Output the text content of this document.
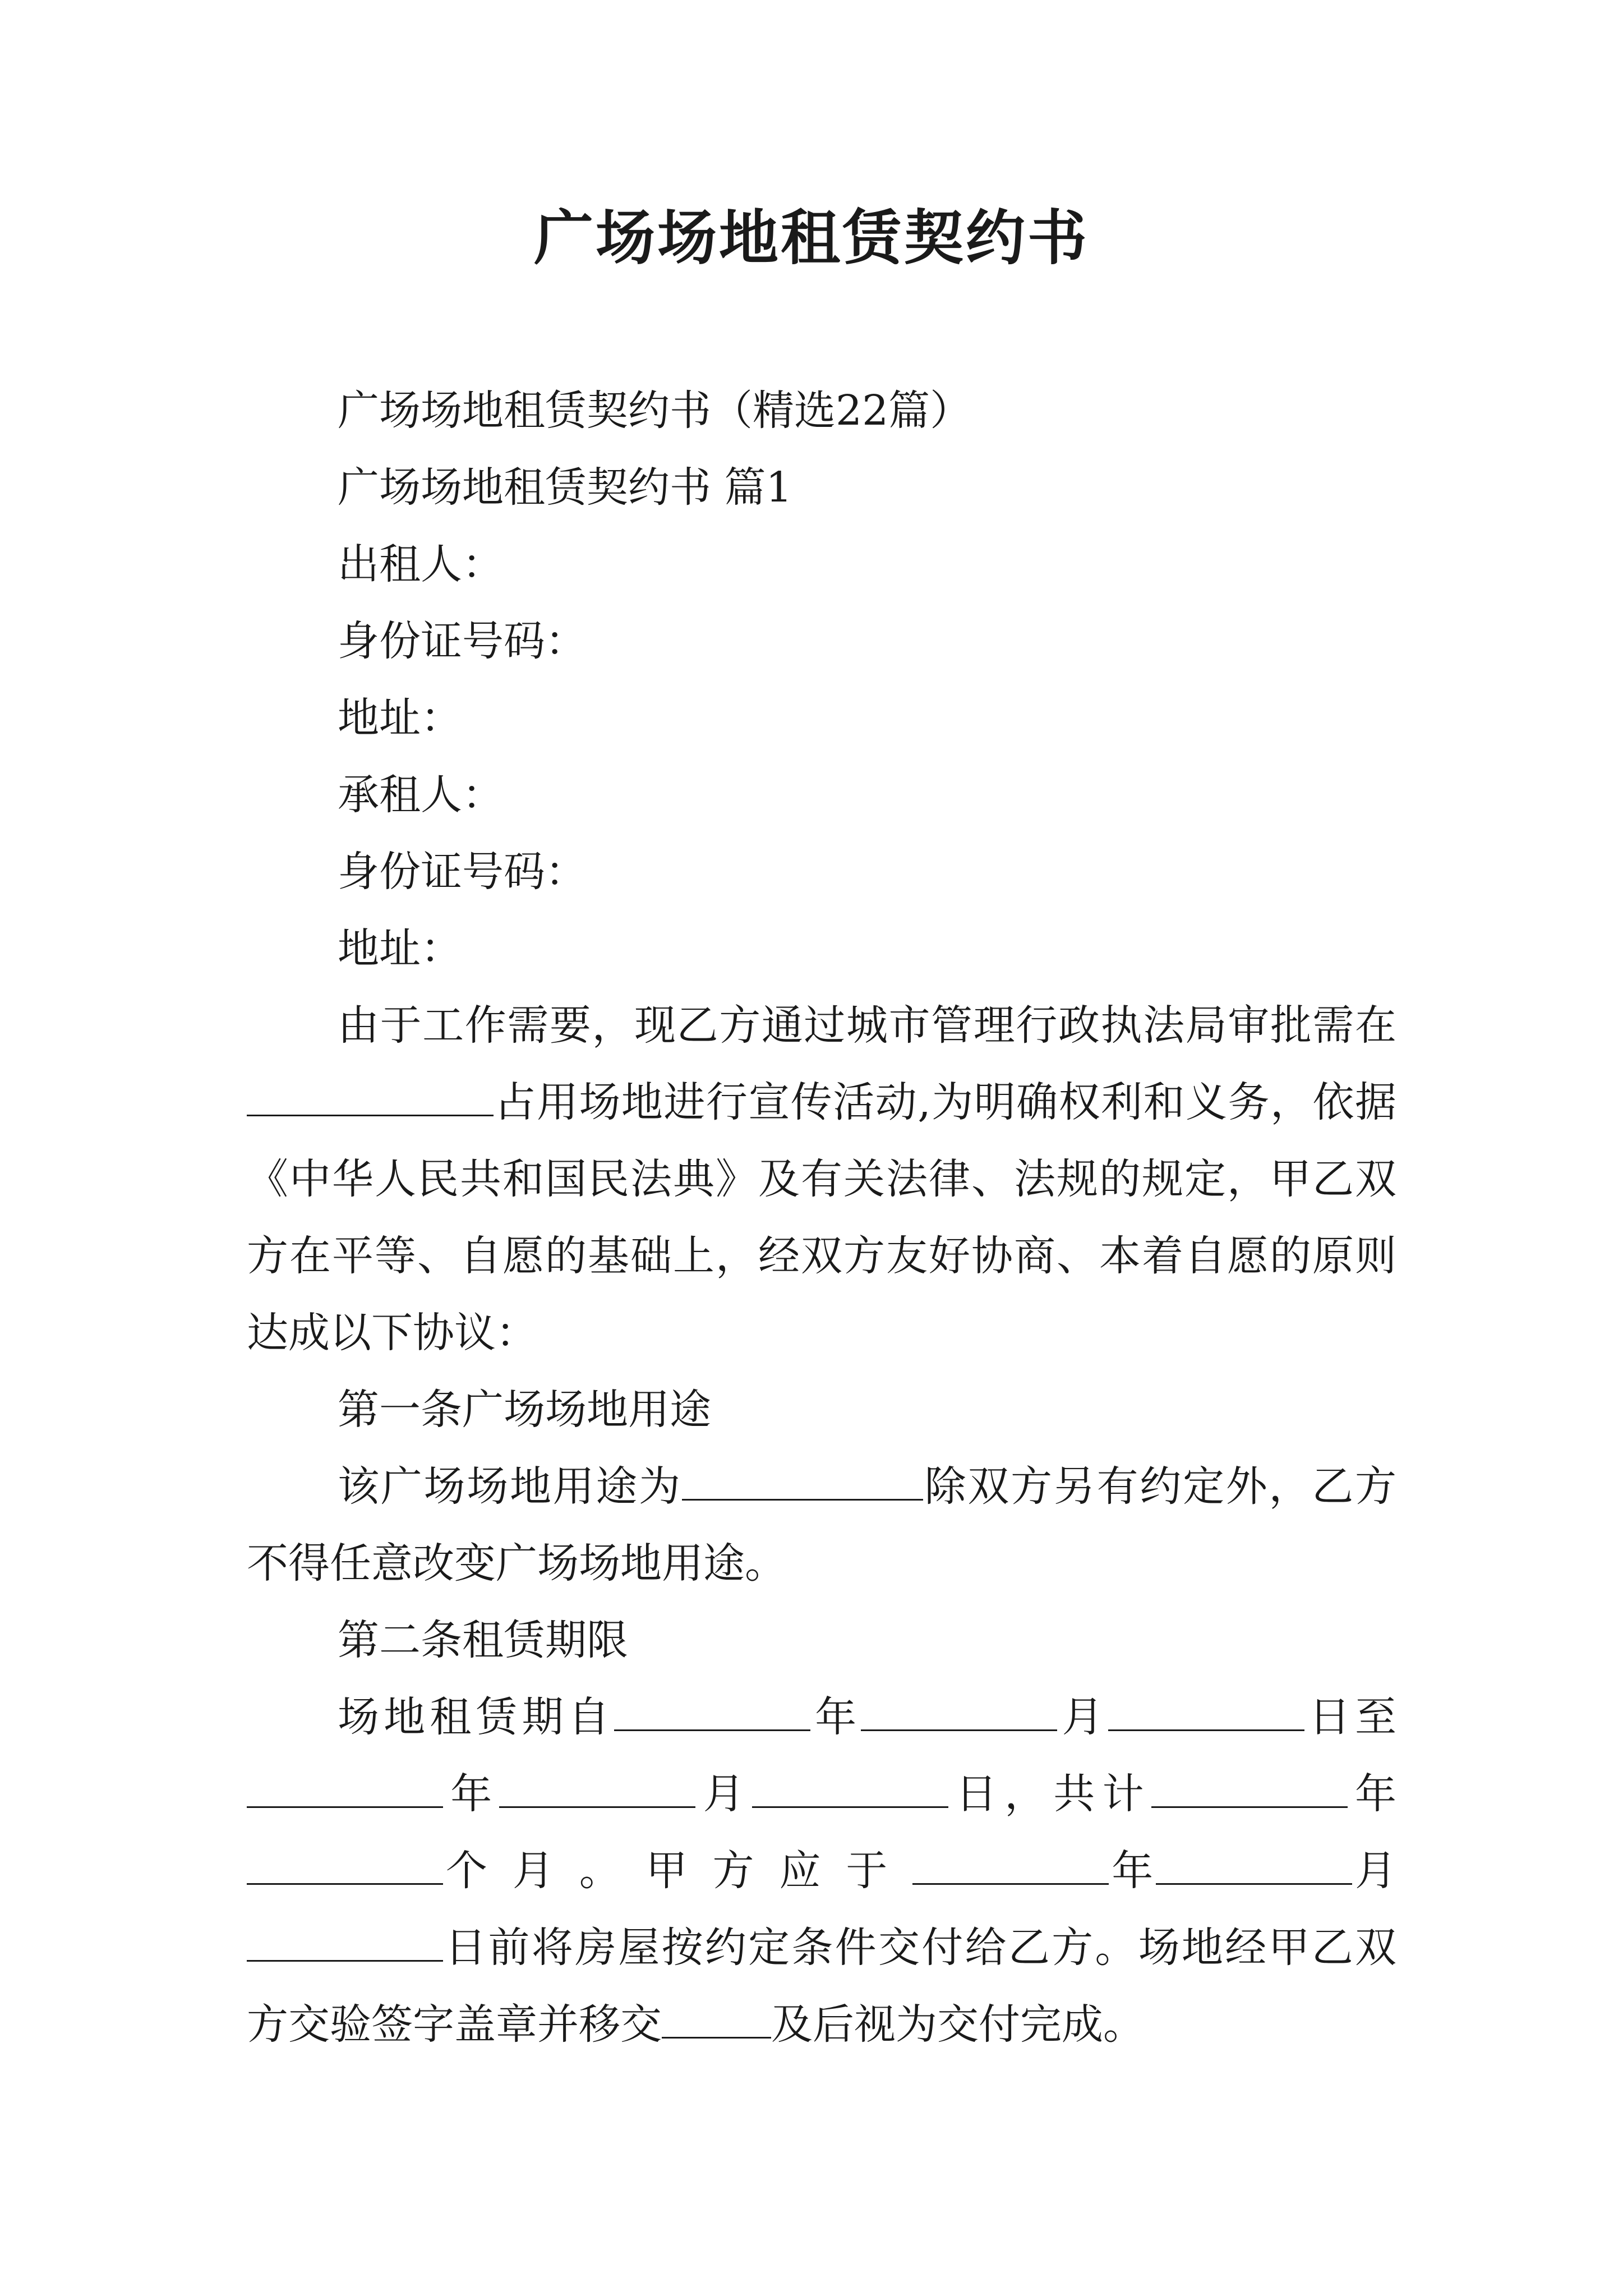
广场场地租赁契约书

广场场地租赁契约书（精选22篇）

广场场地租赁契约书 篇1

出租人：

身份证号码：

地址：

承租人：

身份证号码：

地址：

由于工作需要，现乙方通过城市管理行政执法局审批需在占用场地进行宣传活动,为明确权利和义务，依据《中华人民共和国民法典》及有关法律、法规的规定，甲乙双方在平等、自愿的基础上，经双方友好协商、本着自愿的原则达成以下协议：

第一条广场场地用途

该广场场地用途为	除双方另有约定外，乙方不得任意改变广场场地用途。

第二条租赁期限

场地租赁期自	年	月	日至年	月	日，共计	年个月。甲方应于	年	月日前将房屋按约定条件交付给乙方。场地经甲乙双方交验签字盖章并移交	及后视为交付完成。
